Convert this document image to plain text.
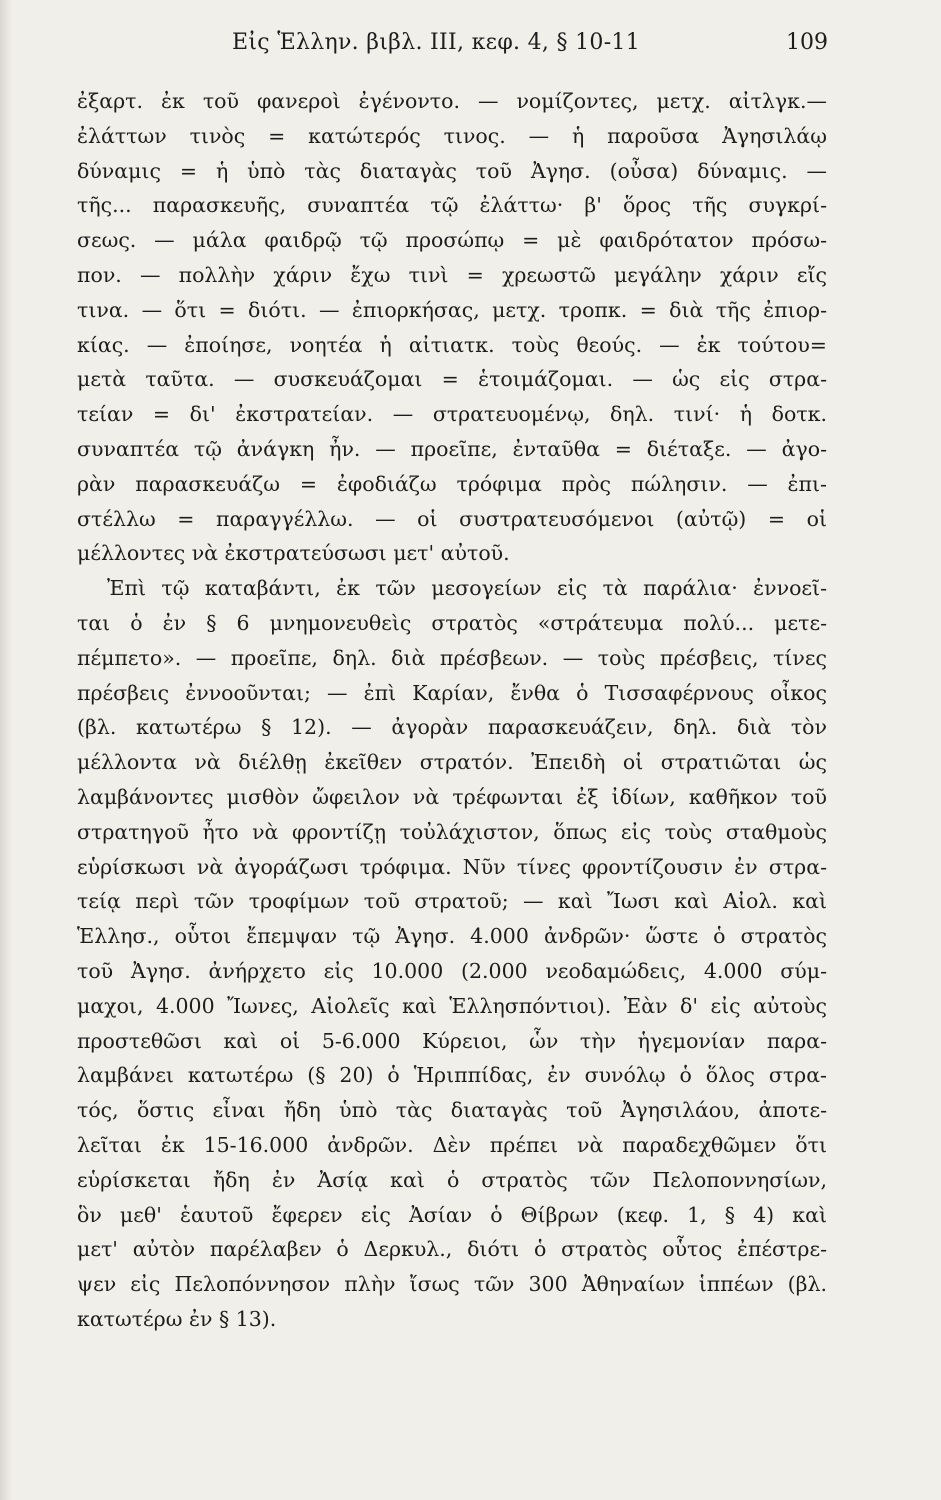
Εἰς Ἑλλην. βιβλ. ΙΙΙ, κεφ. 4, § 10-11	109
ἐξαρτ. ἐκ τοῦ φανεροὶ ἐγένοντο. — νομίζοντες, μετχ. αἰτλγκ.—
ἐλάττων τινὸς = κατώτερός τινος. — ἡ παροῦσα Ἀγησιλάῳ
δύναμις = ἡ ὑπὸ τὰς διαταγὰς τοῦ Ἀγησ. (οὖσα) δύναμις. —
τῆς... παρασκευῆς, συναπτέα τῷ ἐλάττω· β' ὅρος τῆς συγκρί-
σεως. — μάλα φαιδρῷ τῷ προσώπῳ = μὲ φαιδρότατον πρόσω-
πον. — πολλὴν χάριν ἔχω τινὶ = χρεωστῶ μεγάλην χάριν εἴς
τινα. — ὅτι = διότι. — ἐπιορκήσας, μετχ. τροπκ. = διὰ τῆς ἐπιορ-
κίας. — ἐποίησε, νοητέα ἡ αἰτιατκ. τοὺς θεούς. — ἐκ τούτου=
μετὰ ταῦτα. — συσκευάζομαι = ἑτοιμάζομαι. — ὡς εἰς στρα-
τείαν = δι' ἐκστρατείαν. — στρατευομένῳ, δηλ. τινί· ἡ δοτκ.
συναπτέα τῷ ἀνάγκη ἦν. — προεῖπε, ἐνταῦθα = διέταξε. — ἀγο-
ρὰν παρασκευάζω = ἐφοδιάζω τρόφιμα πρὸς πώλησιν. — ἐπι-
στέλλω = παραγγέλλω. — οἱ συστρατευσόμενοι (αὐτῷ) = οἱ
μέλλοντες νὰ ἐκστρατεύσωσι μετ' αὐτοῦ.
Ἐπὶ τῷ καταβάντι, ἐκ τῶν μεσογείων εἰς τὰ παράλια· ἐννοεῖ-
ται ὁ ἐν § 6 μνημονευθεὶς στρατὸς «στράτευμα πολύ... μετε-
πέμπετο». — προεῖπε, δηλ. διὰ πρέσβεων. — τοὺς πρέσβεις, τίνες
πρέσβεις ἐννοοῦνται; — ἐπὶ Καρίαν, ἔνθα ὁ Τισσαφέρνους οἶκος
(βλ. κατωτέρω § 12). — ἀγορὰν παρασκευάζειν, δηλ. διὰ τὸν
μέλλοντα νὰ διέλθῃ ἐκεῖθεν στρατόν. Ἐπειδὴ οἱ στρατιῶται ὡς
λαμβάνοντες μισθὸν ὤφειλον νὰ τρέφωνται ἐξ ἰδίων, καθῆκον τοῦ
στρατηγοῦ ἦτο νὰ φροντίζῃ τοὐλάχιστον, ὅπως εἰς τοὺς σταθμοὺς
εὑρίσκωσι νὰ ἀγοράζωσι τρόφιμα. Νῦν τίνες φροντίζουσιν ἐν στρα-
τείᾳ περὶ τῶν τροφίμων τοῦ στρατοῦ; — καὶ Ἴωσι καὶ Αἰολ. καὶ
Ἑλλησ., οὗτοι ἔπεμψαν τῷ Ἀγησ. 4.000 ἀνδρῶν· ὥστε ὁ στρατὸς
τοῦ Ἀγησ. ἀνήρχετο εἰς 10.000 (2.000 νεοδαμώδεις, 4.000 σύμ-
μαχοι, 4.000 Ἴωνες, Αἰολεῖς καὶ Ἑλλησπόντιοι). Ἐὰν δ' εἰς αὐτοὺς
προστεθῶσι καὶ οἱ 5-6.000 Κύρειοι, ὧν τὴν ἡγεμονίαν παρα-
λαμβάνει κατωτέρω (§ 20) ὁ Ἡριππίδας, ἐν συνόλῳ ὁ ὅλος στρα-
τός, ὅστις εἶναι ἤδη ὑπὸ τὰς διαταγὰς τοῦ Ἀγησιλάου, ἀποτε-
λεῖται ἐκ 15-16.000 ἀνδρῶν. Δὲν πρέπει νὰ παραδεχθῶμεν ὅτι
εὑρίσκεται ἤδη ἐν Ἀσίᾳ καὶ ὁ στρατὸς τῶν Πελοποννησίων,
ὃν μεθ' ἑαυτοῦ ἔφερεν εἰς Ἀσίαν ὁ Θίβρων (κεφ. 1, § 4) καὶ
μετ' αὐτὸν παρέλαβεν ὁ Δερκυλ., διότι ὁ στρατὸς οὗτος ἐπέστρε-
ψεν εἰς Πελοπόννησον πλὴν ἴσως τῶν 300 Ἀθηναίων ἱππέων (βλ.
κατωτέρω ἐν § 13).
